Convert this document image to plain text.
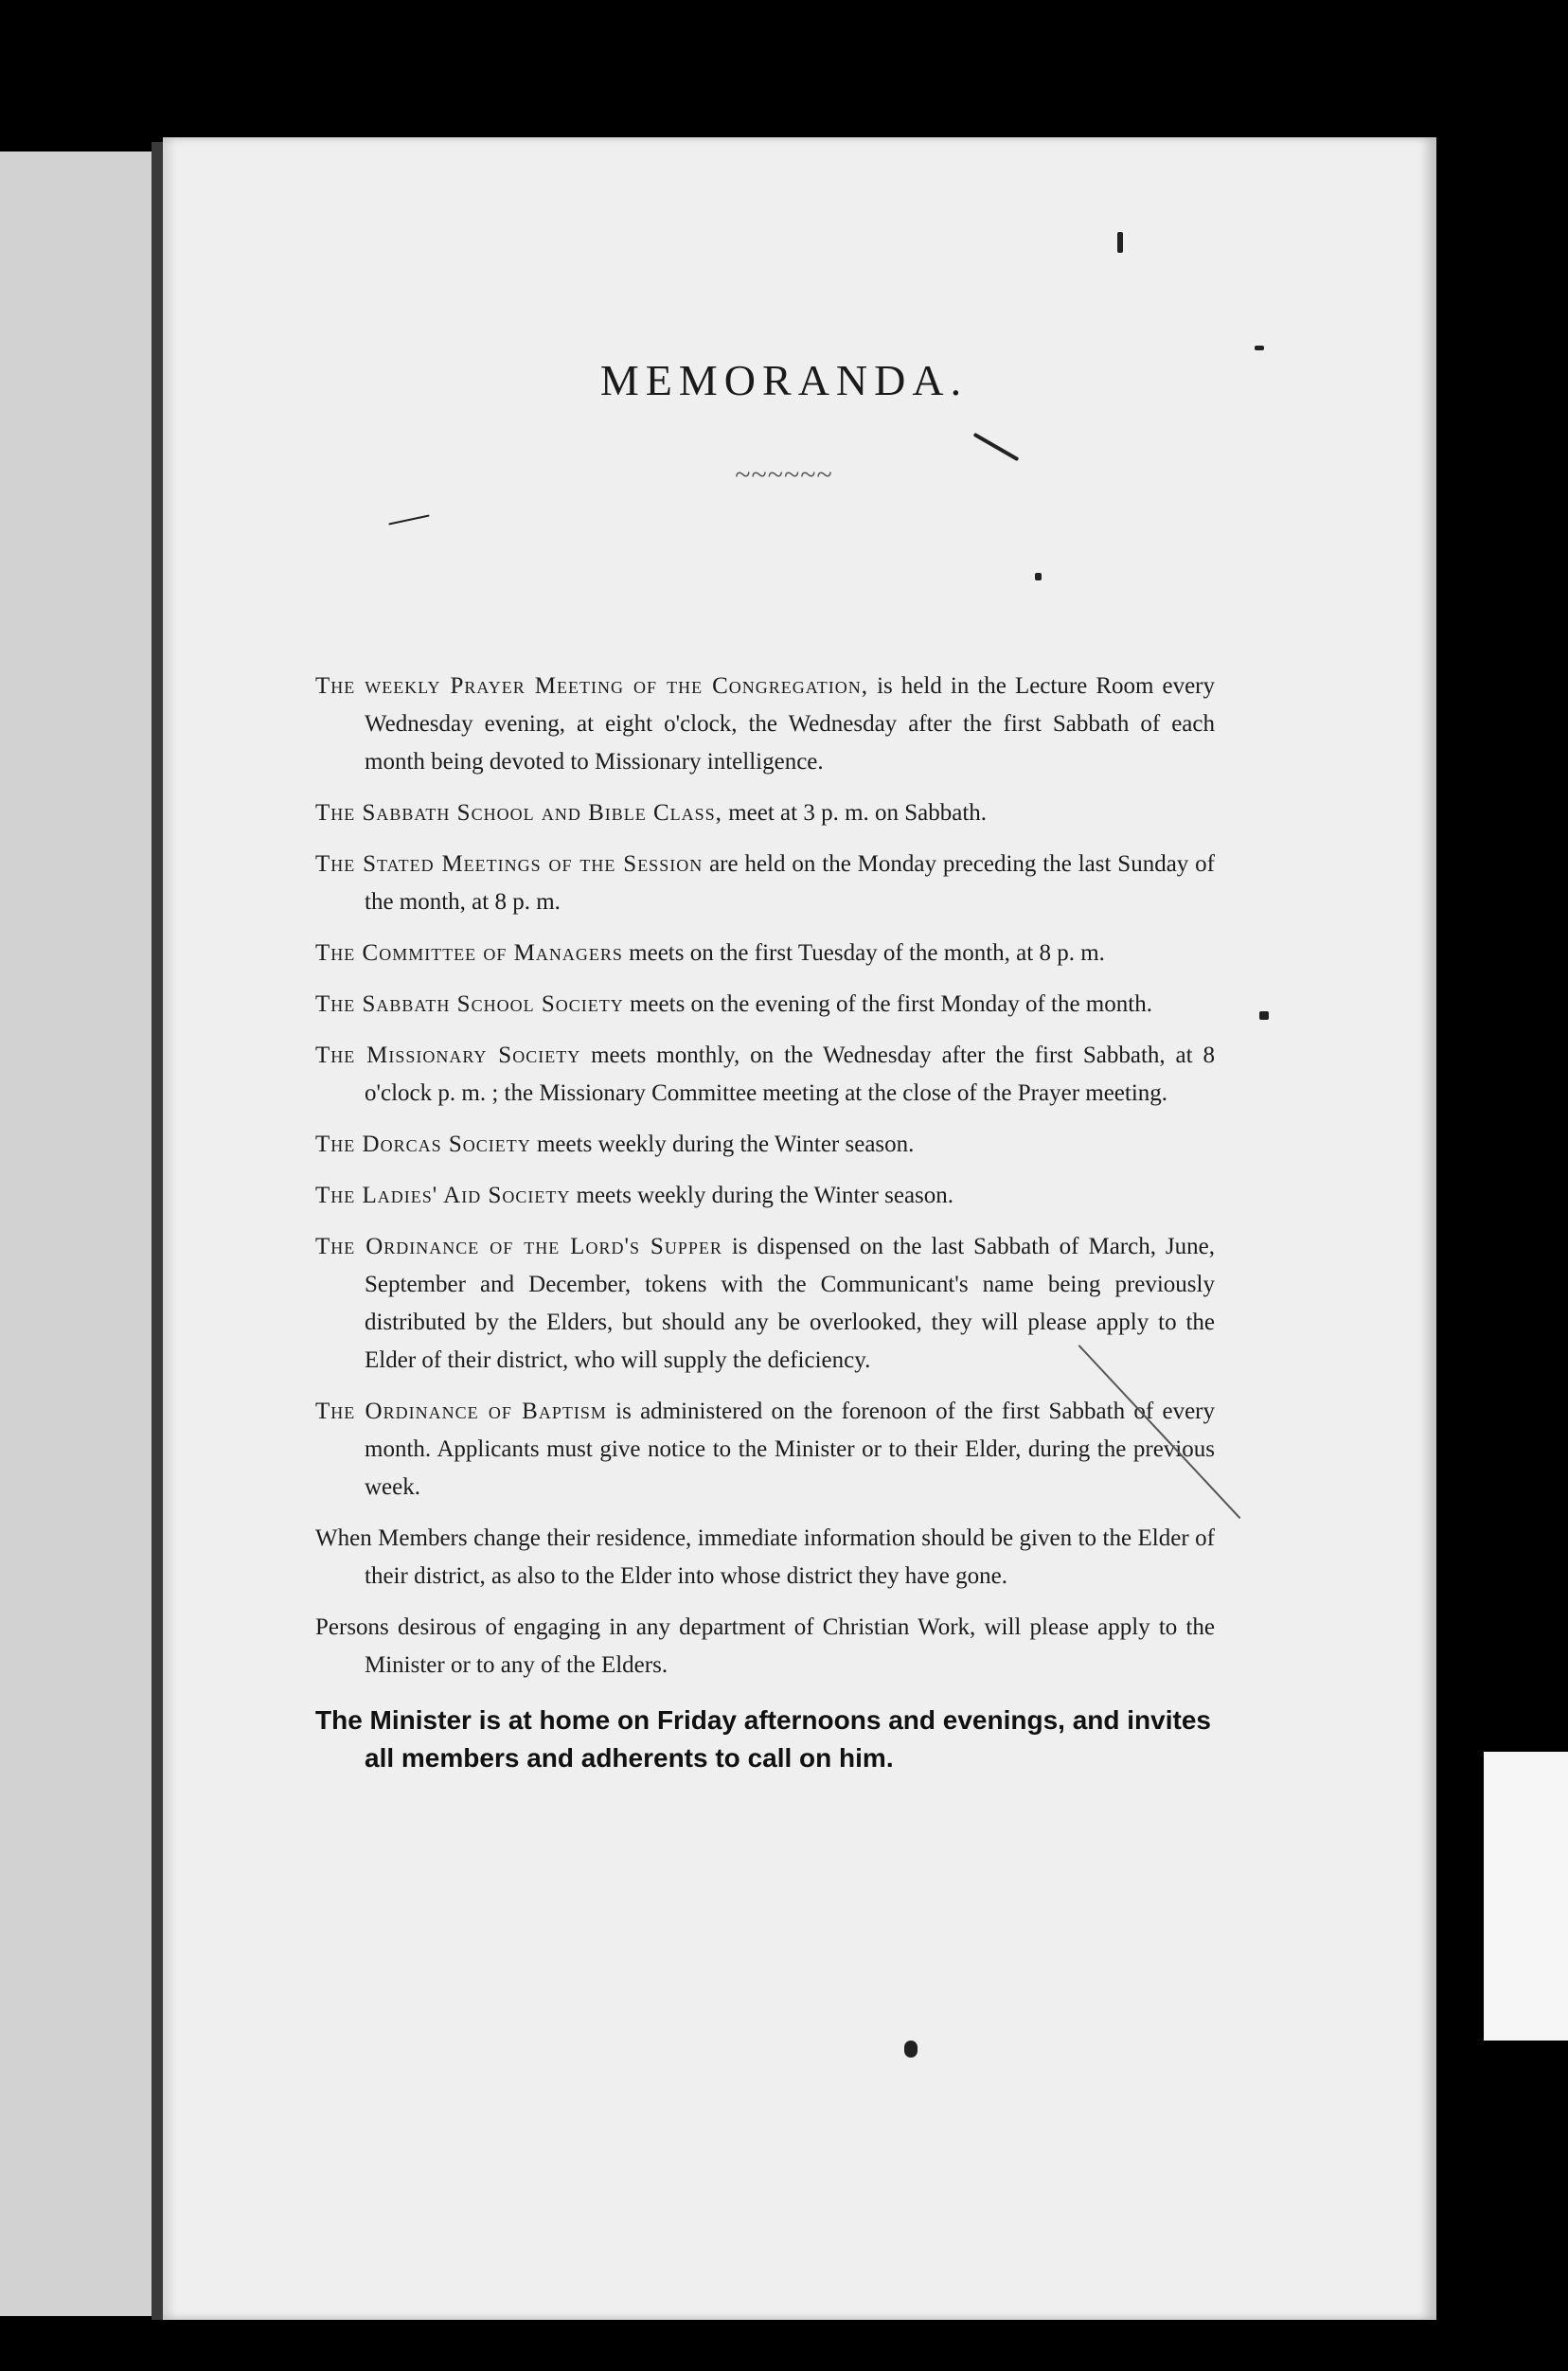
MEMORANDA.
~~~~~~

The weekly Prayer Meeting of the Congregation, is held in the Lecture Room every Wednesday evening, at eight o'clock, the Wednesday after the first Sabbath of each month being devoted to Missionary intelligence.

The Sabbath School and Bible Class, meet at 3 p. m. on Sabbath.

The Stated Meetings of the Session are held on the Monday preceding the last Sunday of the month, at 8 p. m.

The Committee of Managers meets on the first Tuesday of the month, at 8 p. m.

The Sabbath School Society meets on the evening of the first Monday of the month.

The Missionary Society meets monthly, on the Wednesday after the first Sabbath, at 8 o'clock p. m. ; the Missionary Committee meeting at the close of the Prayer meeting.

The Dorcas Society meets weekly during the Winter season.

The Ladies' Aid Society meets weekly during the Winter season.

The Ordinance of the Lord's Supper is dispensed on the last Sabbath of March, June, September and December, tokens with the Communicant's name being previously distributed by the Elders, but should any be overlooked, they will please apply to the Elder of their district, who will supply the deficiency.

The Ordinance of Baptism is administered on the forenoon of the first Sabbath of every month. Applicants must give notice to the Minister or to their Elder, during the previous week.

When Members change their residence, immediate information should be given to the Elder of their district, as also to the Elder into whose district they have gone.

Persons desirous of engaging in any department of Christian Work, will please apply to the Minister or to any of the Elders.

The Minister is at home on Friday afternoons and evenings, and invites all members and adherents to call on him.
